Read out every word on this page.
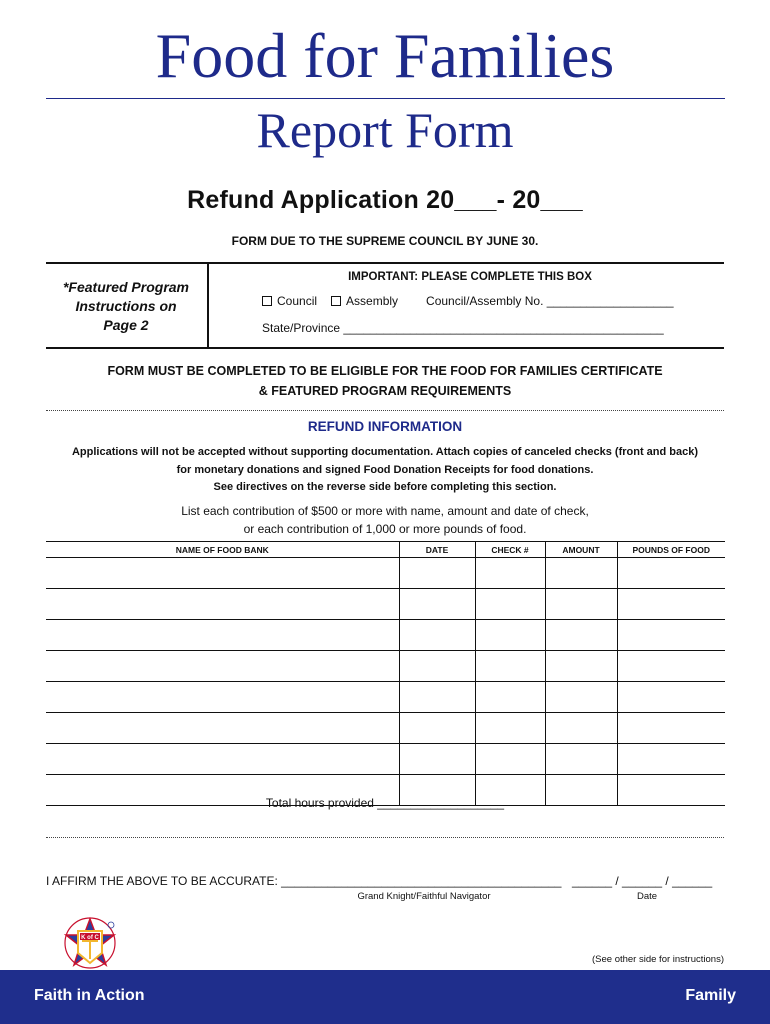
Food for Families
Report Form
Refund Application 20___- 20___
FORM DUE TO THE SUPREME COUNCIL BY JUNE 30.
*Featured Program
Instructions on
Page 2
IMPORTANT: PLEASE COMPLETE THIS BOX
Council Assembly Council/Assembly No. ___________________
State/Province ________________________________________________
FORM MUST BE COMPLETED TO BE ELIGIBLE FOR THE FOOD FOR FAMILIES CERTIFICATE
& FEATURED PROGRAM REQUIREMENTS
REFUND INFORMATION
Applications will not be accepted without supporting documentation. Attach copies of canceled checks (front and back)
for monetary donations and signed Food Donation Receipts for food donations.
See directives on the reverse side before completing this section.
List each contribution of $500 or more with name, amount and date of check,
or each contribution of 1,000 or more pounds of food.
NAME OF FOOD BANK	DATE	CHECK #	AMOUNT	POUNDS OF FOOD

Total hours provided ___________________
I AFFIRM THE ABOVE TO BE ACCURATE: __________________________________________ ______ / ______ / ______
Grand Knight/Faithful Navigator	Date
K of C
(See other side for instructions)
Faith in Action	Family
